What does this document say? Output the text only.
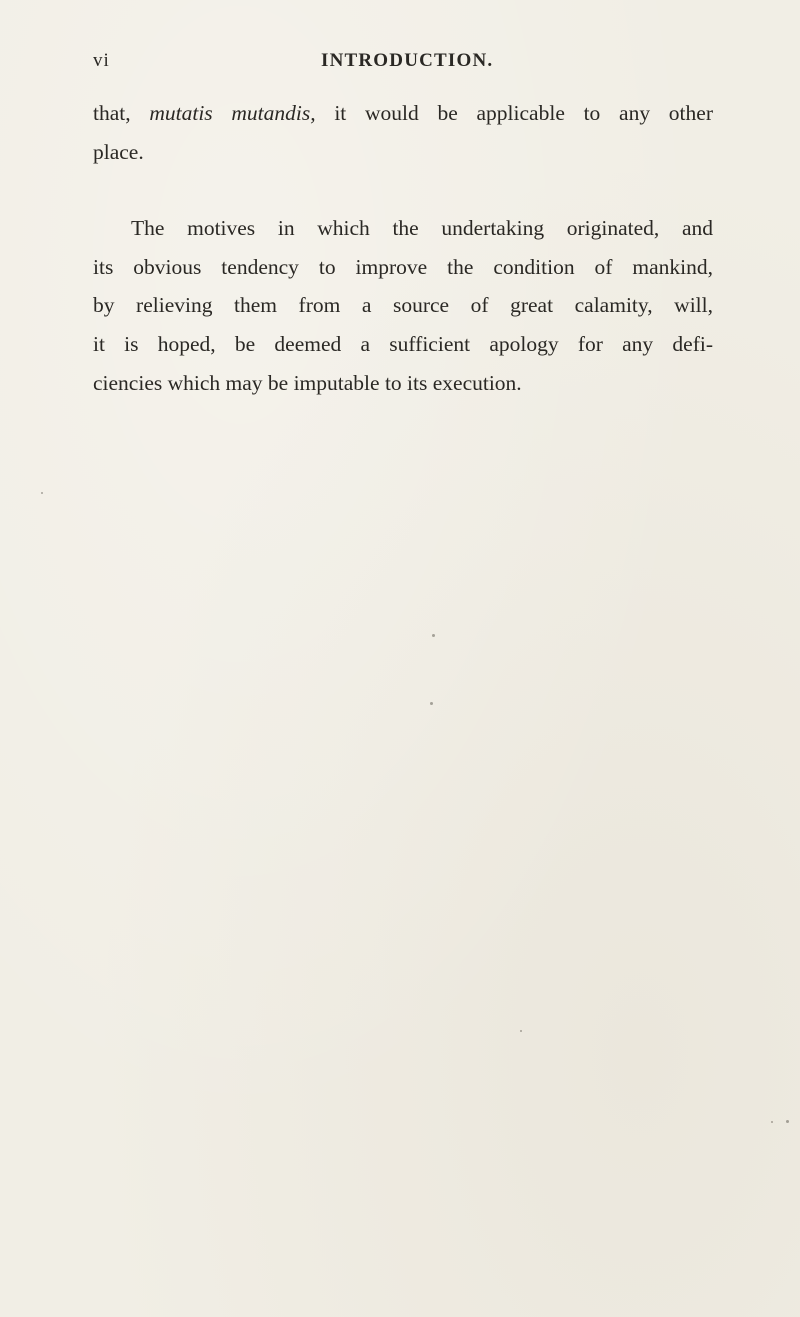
vi	INTRODUCTION.
that, mutatis mutandis, it would be applicable to any other
place.
The motives in which the undertaking originated, and
its obvious tendency to improve the condition of mankind,
by relieving them from a source of great calamity, will,
it is hoped, be deemed a sufficient apology for any defi-
ciencies which may be imputable to its execution.
